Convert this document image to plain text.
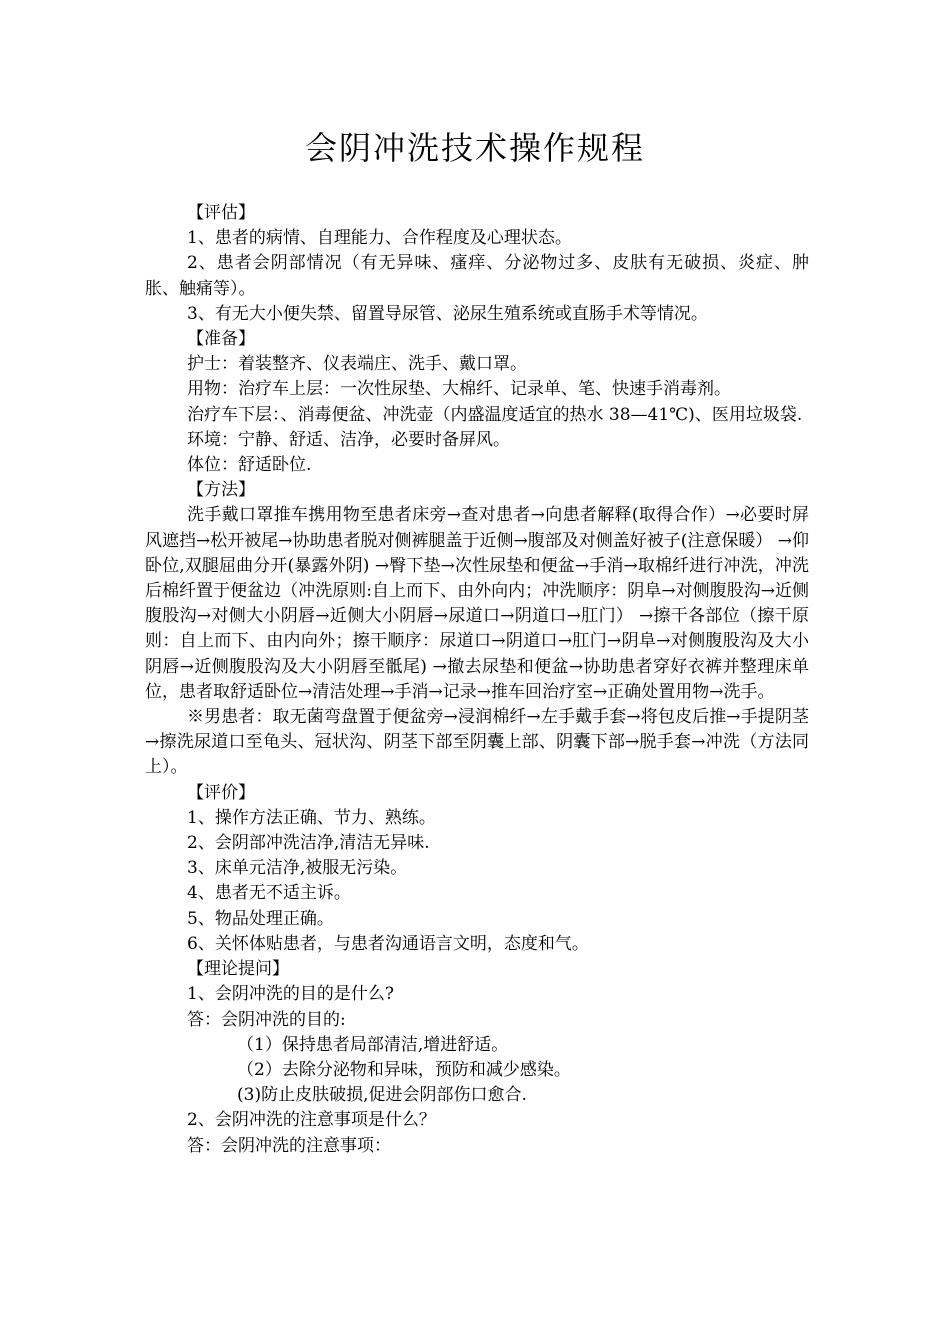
会阴冲洗技术操作规程

【评估】

1、患者的病情、自理能力、合作程度及心理状态。

2、患者会阴部情况（有无异味、瘙痒、分泌物过多、皮肤有无破损、炎症、肿胀、触痛等）。

3、有无大小便失禁、留置导尿管、泌尿生殖系统或直肠手术等情况。

【准备】

护士：着装整齐、仪表端庄、洗手、戴口罩。

用物：治疗车上层：一次性尿垫、大棉纤、记录单、笔、快速手消毒剂。

治疗车下层：、消毒便盆、冲洗壶（内盛温度适宜的热水 38—41℃)、医用垃圾袋.

环境：宁静、舒适、洁净，必要时备屏风。

体位：舒适卧位.

【方法】

洗手戴口罩推车携用物至患者床旁→查对患者→向患者解释(取得合作）→必要时屏风遮挡→松开被尾→协助患者脱对侧裤腿盖于近侧→腹部及对侧盖好被子(注意保暖） →仰卧位,双腿屈曲分开(暴露外阴) →臀下垫→次性尿垫和便盆→手消→取棉纤进行冲洗，冲洗后棉纤置于便盆边（冲洗原则:自上而下、由外向内；冲洗顺序：阴阜→对侧腹股沟→近侧腹股沟→对侧大小阴唇→近侧大小阴唇→尿道口→阴道口→肛门） →擦干各部位（擦干原则：自上而下、由内向外；擦干顺序：尿道口→阴道口→肛门→阴阜→对侧腹股沟及大小阴唇→近侧腹股沟及大小阴唇至骶尾) →撤去尿垫和便盆→协助患者穿好衣裤并整理床单位，患者取舒适卧位→清洁处理→手消→记录→推车回治疗室→正确处置用物→洗手。

※男患者：取无菌弯盘置于便盆旁→浸润棉纤→左手戴手套→将包皮后推→手提阴茎→擦洗尿道口至龟头、冠状沟、阴茎下部至阴囊上部、阴囊下部→脱手套→冲洗（方法同上）。

【评价】

1、操作方法正确、节力、熟练。

2、会阴部冲洗洁净,清洁无异味.

3、床单元洁净,被服无污染。

4、患者无不适主诉。

5、物品处理正确。

6、关怀体贴患者，与患者沟通语言文明，态度和气。

【理论提问】

1、会阴冲洗的目的是什么?

答：会阴冲洗的目的:

（1）保持患者局部清洁,增进舒适。

（2）去除分泌物和异味，预防和减少感染。

(3)防止皮肤破损,促进会阴部伤口愈合.

2、会阴冲洗的注意事项是什么？

答：会阴冲洗的注意事项：
